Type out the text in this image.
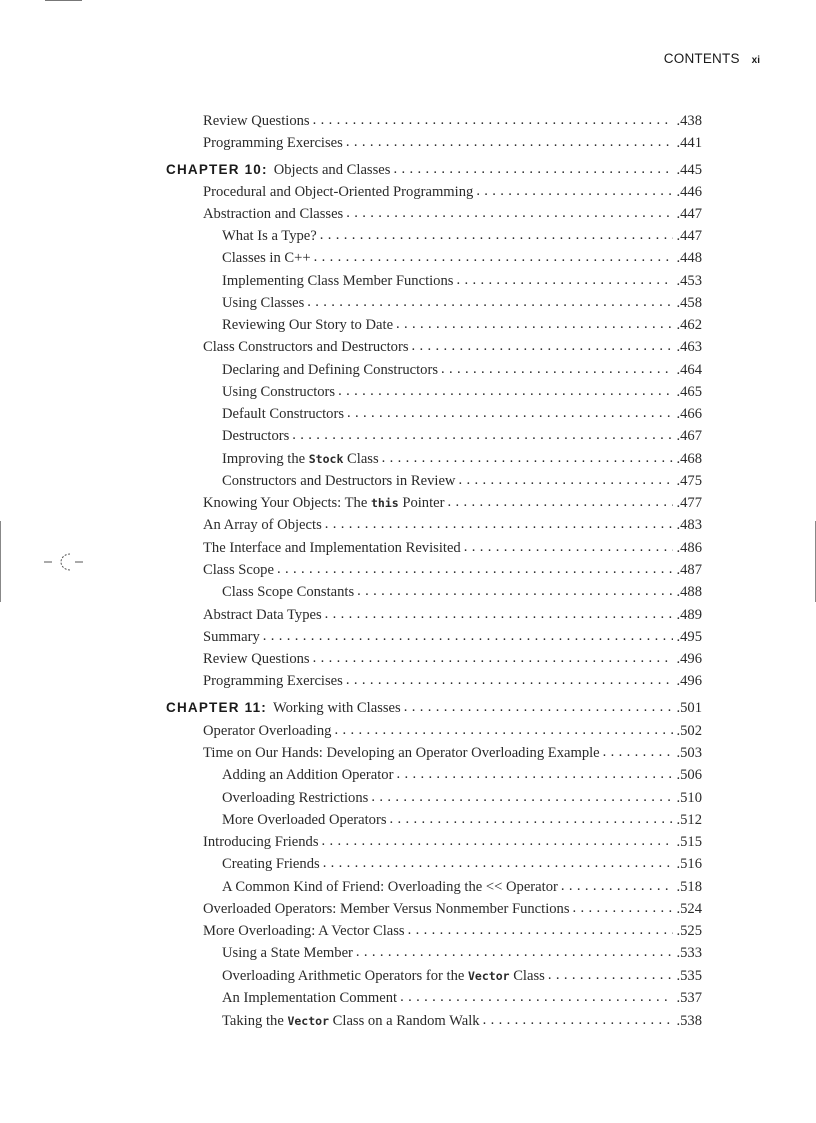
CONTENTS xi
Review Questions . . .	.438
Programming Exercises . . .	.441
CHAPTER 10: Objects and Classes . . .	.445
Procedural and Object-Oriented Programming . . .	.446
Abstraction and Classes . . .	.447
What Is a Type? . . .	.447
Classes in C++ . . .	.448
Implementing Class Member Functions . . .	.453
Using Classes . . .	.458
Reviewing Our Story to Date . . .	.462
Class Constructors and Destructors . . .	.463
Declaring and Defining Constructors . . .	.464
Using Constructors . . .	.465
Default Constructors . . .	.466
Destructors . . .	.467
Improving the Stock Class . . .	.468
Constructors and Destructors in Review . . .	.475
Knowing Your Objects: The this Pointer . . .	.477
An Array of Objects . . .	.483
The Interface and Implementation Revisited . . .	.486
Class Scope . . .	.487
Class Scope Constants . . .	.488
Abstract Data Types . . .	.489
Summary . . .	.495
Review Questions . . .	.496
Programming Exercises . . .	.496
CHAPTER 11: Working with Classes . . .	.501
Operator Overloading . . .	.502
Time on Our Hands: Developing an Operator Overloading Example . . .	.503
Adding an Addition Operator . . .	.506
Overloading Restrictions . . .	.510
More Overloaded Operators . . .	.512
Introducing Friends . . .	.515
Creating Friends . . .	.516
A Common Kind of Friend: Overloading the << Operator . . .	.518
Overloaded Operators: Member Versus Nonmember Functions . . .	.524
More Overloading: A Vector Class . . .	.525
Using a State Member . . .	.533
Overloading Arithmetic Operators for the Vector Class . . .	.535
An Implementation Comment . . .	.537
Taking the Vector Class on a Random Walk . . .	.538
